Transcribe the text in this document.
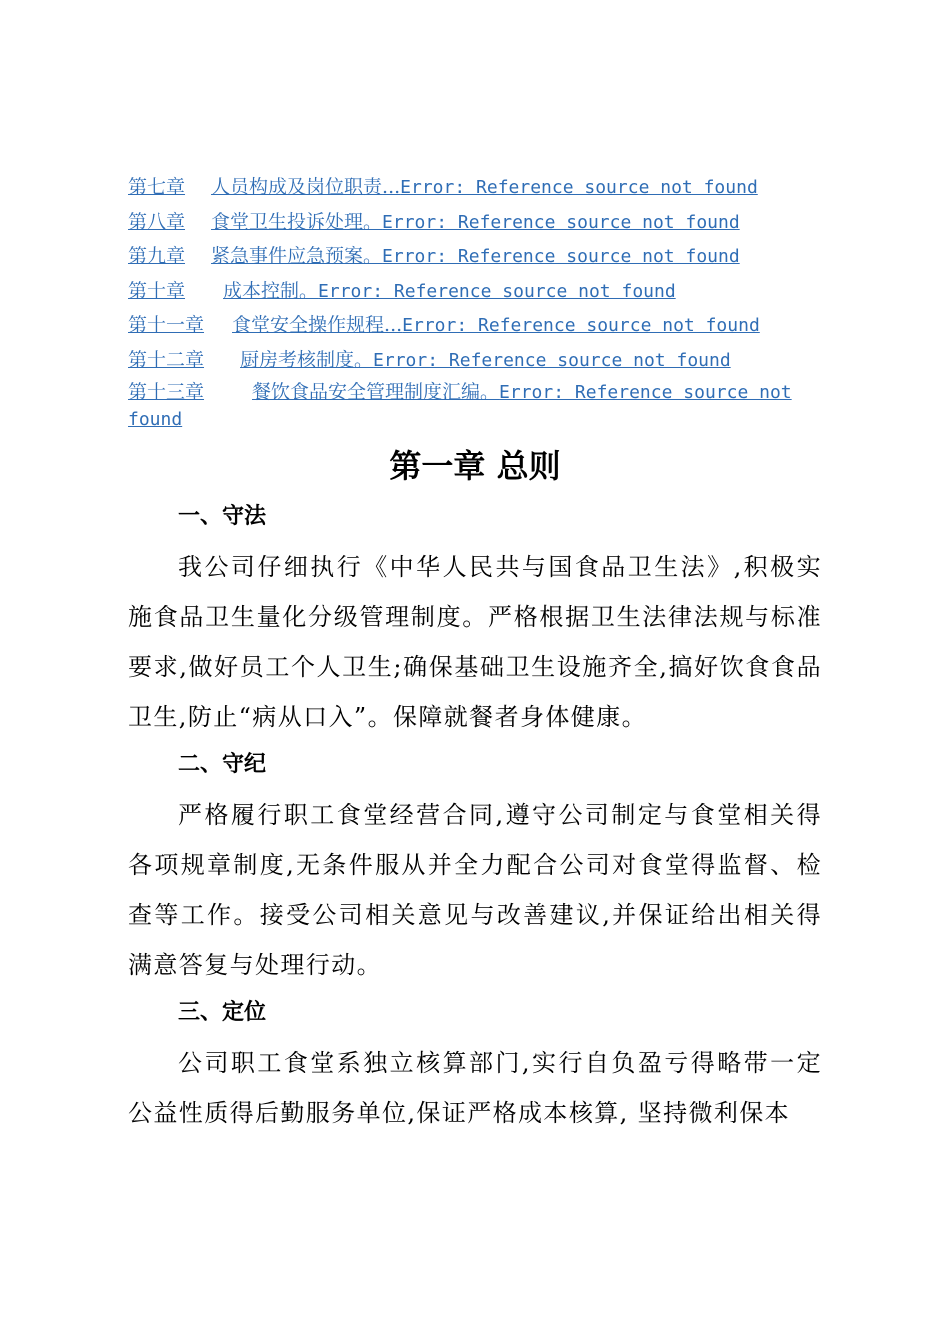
第七章 人员构成及岗位职责...Error: Reference source not found
第八章 食堂卫生投诉处理。Error: Reference source not found
第九章 紧急事件应急预案。Error: Reference source not found
第十章 成本控制。Error: Reference source not found
第十一章 食堂安全操作规程...Error: Reference source not found
第十二章 厨房考核制度。Error: Reference source not found
第十三章	餐饮食品安全管理制度汇编。Error: Reference source not found
第一章 总则
一、守法

我公司仔细执行《中华人民共与国食品卫生法》,积极实施食品卫生量化分级管理制度。严格根据卫生法律法规与标准要求,做好员工个人卫生;确保基础卫生设施齐全,搞好饮食食品卫生,防止“病从口入”。保障就餐者身体健康。

二、守纪

严格履行职工食堂经营合同,遵守公司制定与食堂相关得各项规章制度,无条件服从并全力配合公司对食堂得监督、检查等工作。接受公司相关意见与改善建议,并保证给出相关得满意答复与处理行动。

三、定位

公司职工食堂系独立核算部门,实行自负盈亏得略带一定公益性质得后勤服务单位,保证严格成本核算, 坚持微利保本
